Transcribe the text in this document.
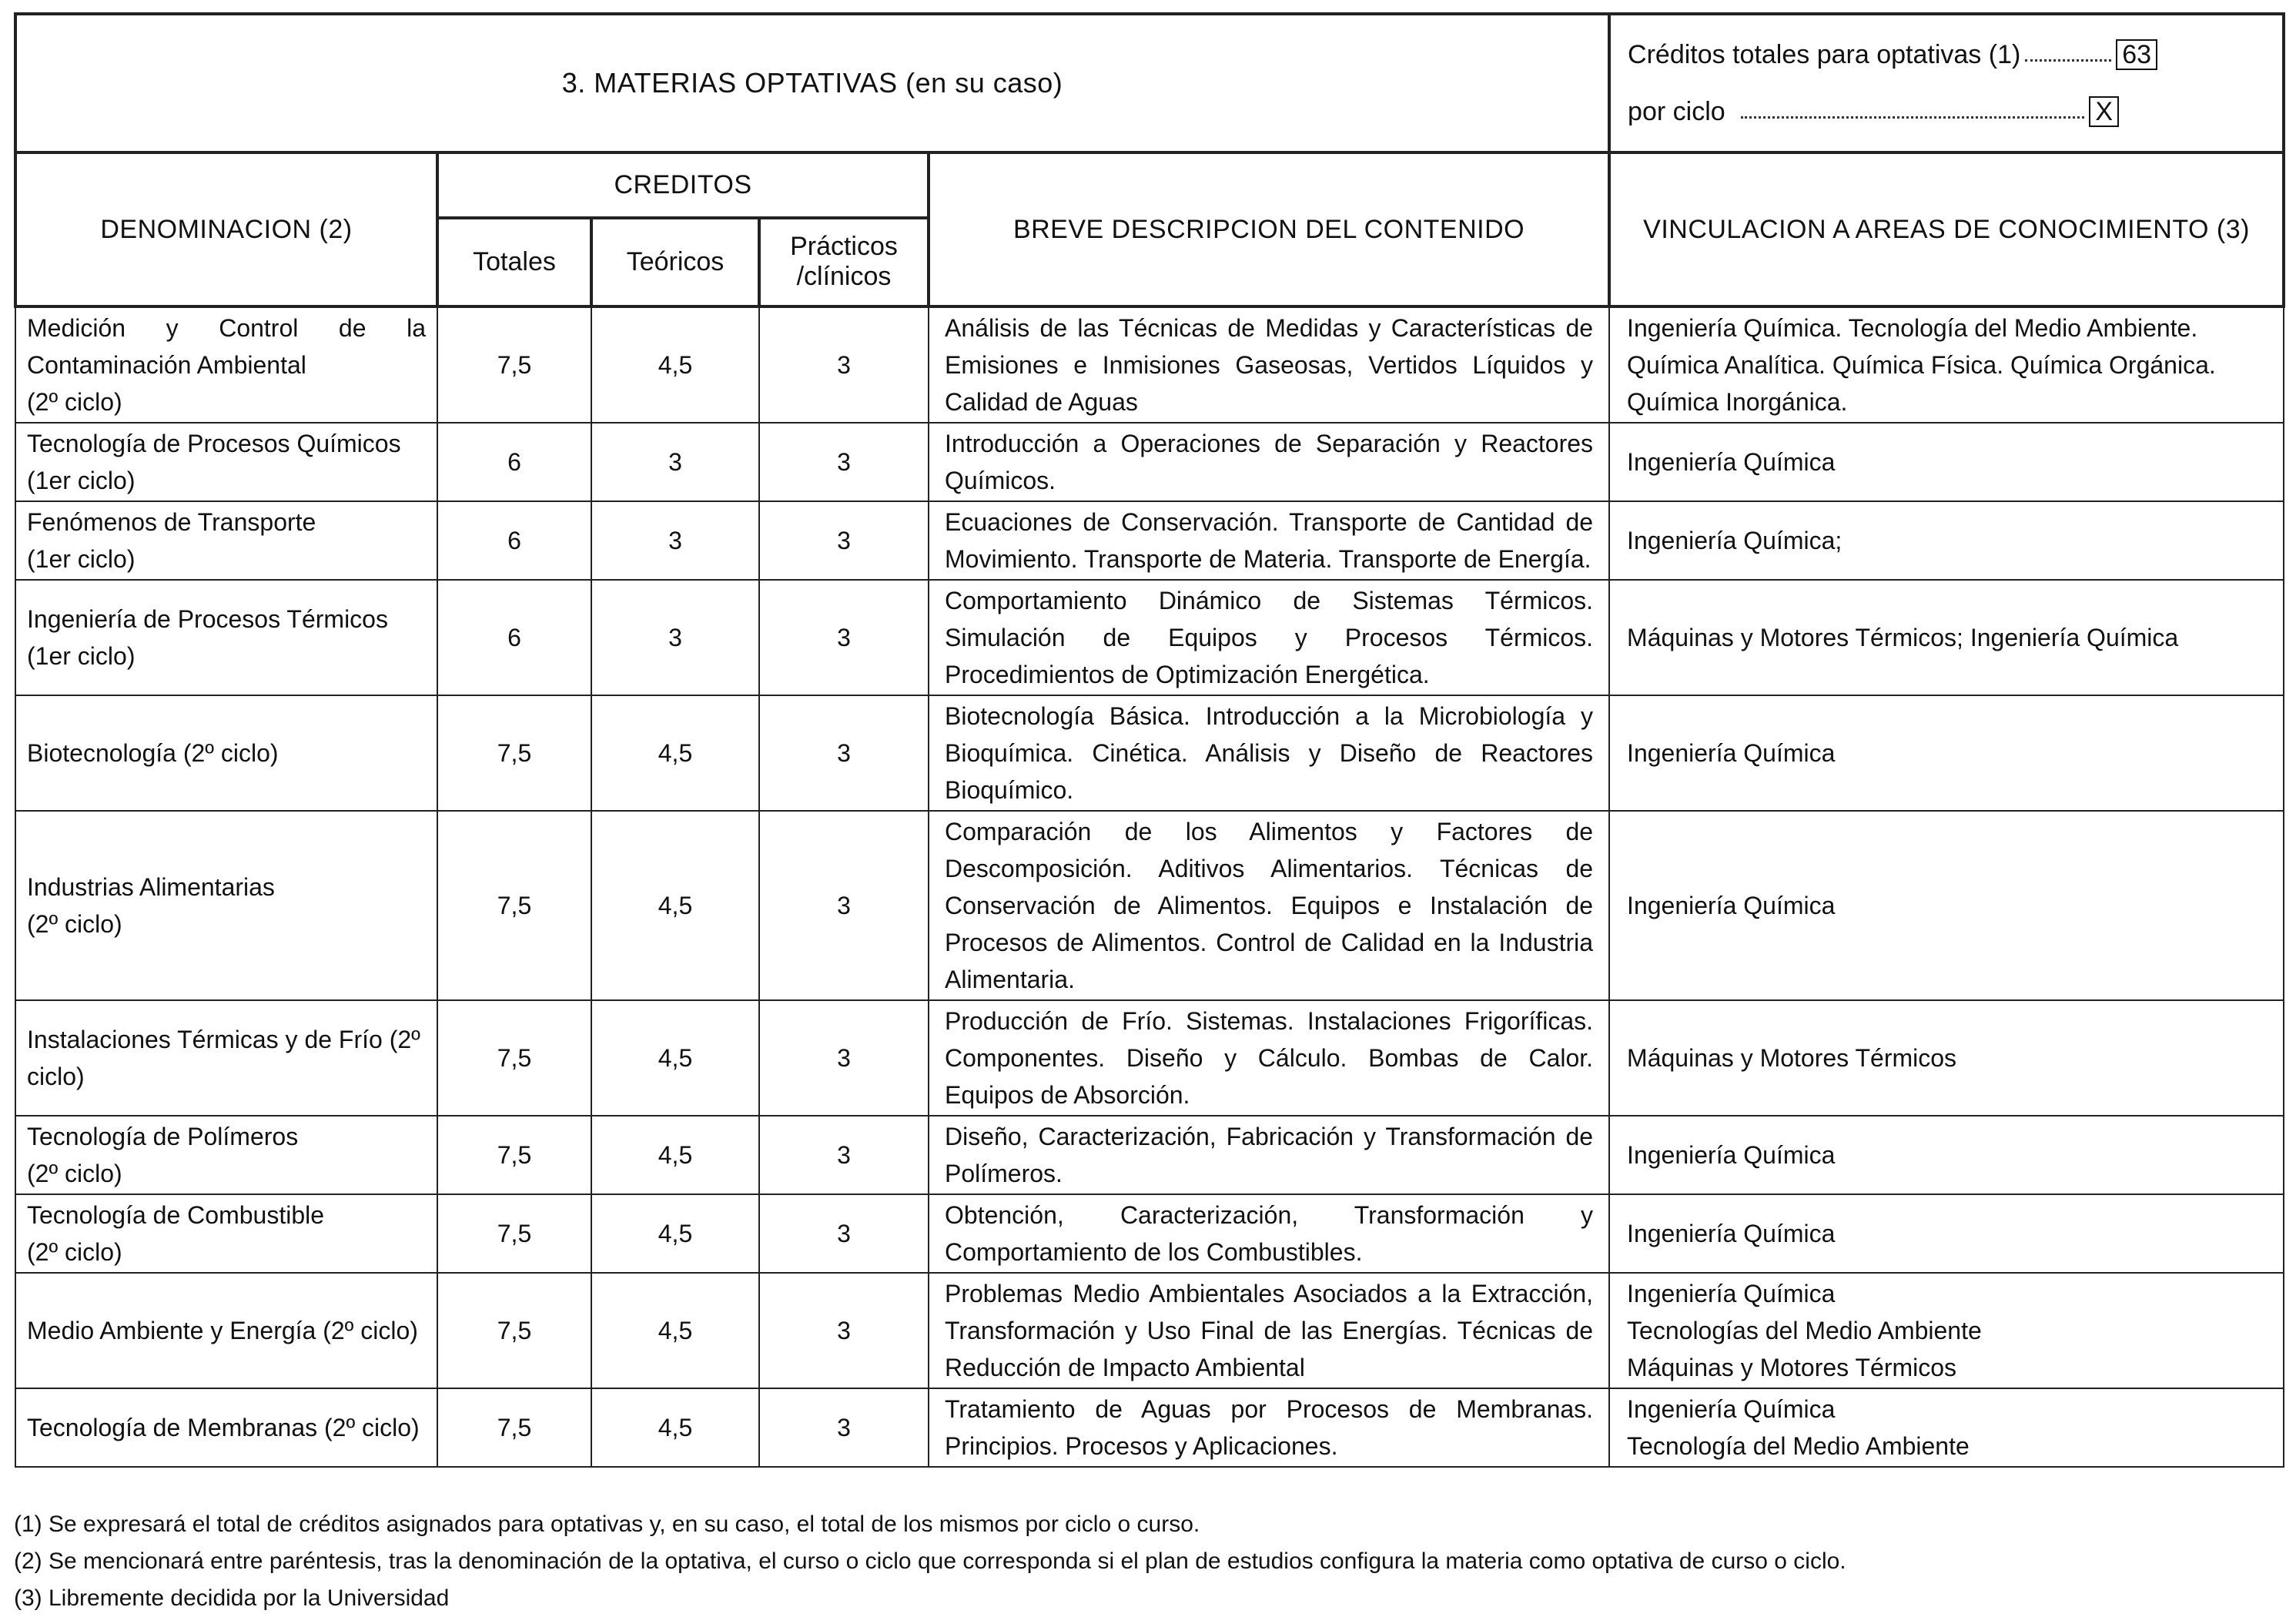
3. MATERIAS OPTATIVAS (en su caso)					Créditos totales para optativas (1) 63
por ciclo X

DENOMINACION (2)	CREDITOS			BREVE DESCRIPCION DEL CONTENIDO	VINCULACION A AREAS DE CONOCIMIENTO (3)
	Totales	Teóricos	Prácticos /clínicos		

Medición y Control de la Contaminación Ambiental
(2º ciclo)	7,5	4,5	3	Análisis de las Técnicas de Medidas y Características de Emisiones e Inmisiones Gaseosas, Vertidos Líquidos y Calidad de Aguas	Ingeniería Química. Tecnología del Medio Ambiente. Química Analítica. Química Física. Química Orgánica. Química Inorgánica.

Tecnología de Procesos Químicos
(1er ciclo)	6	3	3	Introducción a Operaciones de Separación y Reactores Químicos.	Ingeniería Química

Fenómenos de Transporte
(1er ciclo)	6	3	3	Ecuaciones de Conservación. Transporte de Cantidad de Movimiento. Transporte de Materia. Transporte de Energía.	Ingeniería Química;

Ingeniería de Procesos Térmicos
(1er ciclo)	6	3	3	Comportamiento Dinámico de Sistemas Térmicos. Simulación de Equipos y Procesos Térmicos. Procedimientos de Optimización Energética.	Máquinas y Motores Térmicos; Ingeniería Química

Biotecnología (2º ciclo)	7,5	4,5	3	Biotecnología Básica. Introducción a la Microbiología y Bioquímica. Cinética. Análisis y Diseño de Reactores Bioquímico.	Ingeniería Química

Industrias Alimentarias
(2º ciclo)	7,5	4,5	3	Comparación de los Alimentos y Factores de Descomposición. Aditivos Alimentarios. Técnicas de Conservación de Alimentos. Equipos e Instalación de Procesos de Alimentos. Control de Calidad en la Industria Alimentaria.	Ingeniería Química

Instalaciones Térmicas y de Frío (2º ciclo)	7,5	4,5	3	Producción de Frío. Sistemas. Instalaciones Frigoríficas. Componentes. Diseño y Cálculo. Bombas de Calor. Equipos de Absorción.	Máquinas y Motores Térmicos

Tecnología de Polímeros
(2º ciclo)	7,5	4,5	3	Diseño, Caracterización, Fabricación y Transformación de Polímeros.	Ingeniería Química

Tecnología de Combustible
(2º ciclo)	7,5	4,5	3	Obtención, Caracterización, Transformación y Comportamiento de los Combustibles.	Ingeniería Química

Medio Ambiente y Energía (2º ciclo)	7,5	4,5	3	Problemas Medio Ambientales Asociados a la Extracción, Transformación y Uso Final de las Energías. Técnicas de Reducción de Impacto Ambiental	Ingeniería Química
Tecnologías del Medio Ambiente
Máquinas y Motores Térmicos

Tecnología de Membranas (2º ciclo)	7,5	4,5	3	Tratamiento de Aguas por Procesos de Membranas. Principios. Procesos y Aplicaciones.	Ingeniería Química
Tecnología del Medio Ambiente
(1) Se expresará el total de créditos asignados para optativas y, en su caso, el total de los mismos por ciclo o curso.
(2) Se mencionará entre paréntesis, tras la denominación de la optativa, el curso o ciclo que corresponda si el plan de estudios configura la materia como optativa de curso o ciclo.
(3) Libremente decidida por la Universidad
